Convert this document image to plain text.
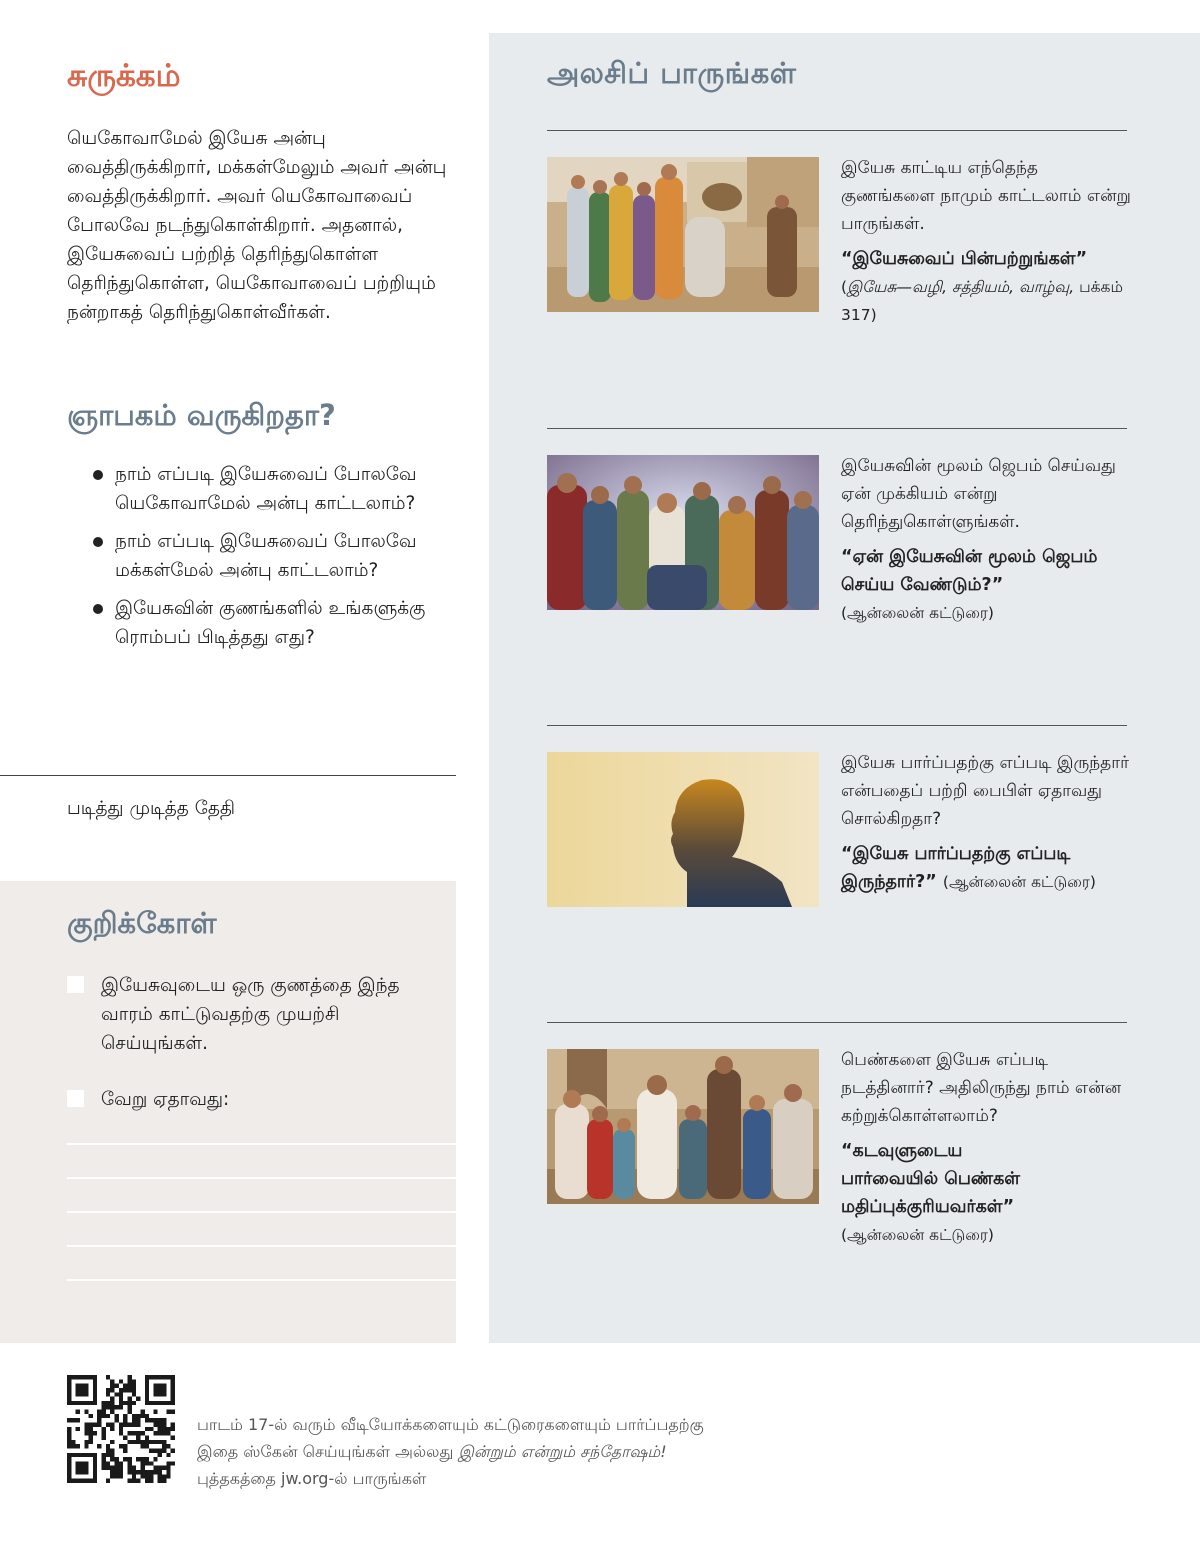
சுருக்கம்

யெகோவாமேல் இயேசு அன்பு வைத்திருக்கிறார், மக்கள்மேலும் அவர் அன்பு வைத்திருக்கிறார். அவர் யெகோவாவைப் போலவே நடந்துகொள்கிறார். அதனால், இயேசுவைப் பற்றித் தெரிந்துகொள்ள தெரிந்துகொள்ள, யெகோவாவைப் பற்றியும் நன்றாகத் தெரிந்துகொள்வீர்கள்.

ஞாபகம் வருகிறதா?
நாம் எப்படி இயேசுவைப் போலவே யெகோவாமேல் அன்பு காட்டலாம்?
நாம் எப்படி இயேசுவைப் போலவே மக்கள்மேல் அன்பு காட்டலாம்?
இயேசுவின் குணங்களில் உங்களுக்கு ரொம்பப் பிடித்தது எது?
படித்து முடித்த தேதி
குறிக்கோள்
இயேசுவுடைய ஒரு குணத்தை இந்த வாரம் காட்டுவதற்கு முயற்சி செய்யுங்கள்.
வேறு ஏதாவது:
அலசிப் பாருங்கள்
இயேசு காட்டிய எந்தெந்த குணங்களை நாமும் காட்டலாம் என்று பாருங்கள்.
“இயேசுவைப் பின்பற்றுங்கள்”
(இயேசு—வழி, சத்தியம், வாழ்வு, பக்கம் 317)
இயேசுவின் மூலம் ஜெபம் செய்வது ஏன் முக்கியம் என்று தெரிந்துகொள்ளுங்கள்.
“ஏன் இயேசுவின் மூலம் ஜெபம் செய்ய வேண்டும்?”
(ஆன்லைன் கட்டுரை)
இயேசு பார்ப்பதற்கு எப்படி இருந்தார் என்பதைப் பற்றி பைபிள் ஏதாவது சொல்கிறதா?
“இயேசு பார்ப்பதற்கு எப்படி இருந்தார்?” (ஆன்லைன் கட்டுரை)
பெண்களை இயேசு எப்படி நடத்தினார்? அதிலிருந்து நாம் என்ன கற்றுக்கொள்ளலாம்?
“கடவுளுடைய பார்வையில் பெண்கள் மதிப்புக்குரியவர்கள்”
(ஆன்லைன் கட்டுரை)
பாடம் 17-ல் வரும் வீடியோக்களையும் கட்டுரைகளையும் பார்ப்பதற்கு இதை ஸ்கேன் செய்யுங்கள் அல்லது இன்றும் என்றும் சந்தோஷம்! புத்தகத்தை jw.org-ல் பாருங்கள்
